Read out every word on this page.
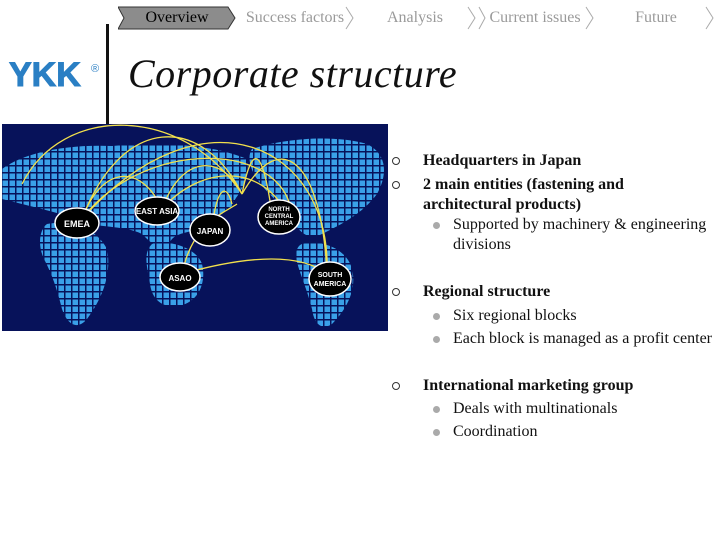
Overview	Success factors	Analysis	Current issues	Future
YKK ® Corporate structure
EMEA
EAST ASIA
JAPAN
NORTH
CENTRAL
AMERICA
ASAO	SOUTH
AMERICA
Headquarters in Japan
2 main entities (fastening and architectural products)
Supported by machinery & engineering divisions
Regional structure
Six regional blocks
Each block is managed as a profit center
International marketing group
Deals with multinationals
Coordination
